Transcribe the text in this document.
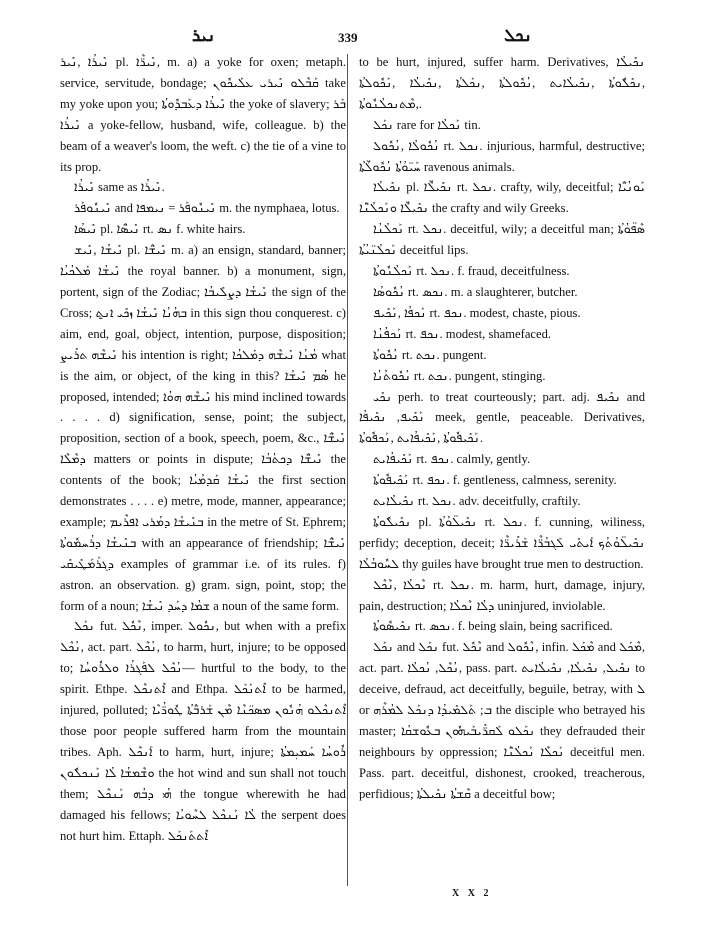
ܢܝܪ	339	ܢܟܠ

ܢܺܝܪܳܐ ,ܢܺܝܪ pl. ܢܺܝܪ̈ܶܐ, m. a) a yoke for oxen; metaph. service, servitude, bondage; ܩܰܒܶܠܘ ܢܺܝܪܝ ܥܠܰܝܟܽܘܢ take my yoke upon you; ܢܺܝܪܳܐ ܕܥܰܒܕܽܘܬܳܐ the yoke of slavery; ܒܰܪ ܢܺܝܪܳܐ a yoke-fellow, husband, wife, colleague. b) the beam of a weaver's loom, the weft. c) the tie of a vine to its prop.

ܢܺܝܪܳܐ same as ܢܺܝܪܳܐ.

ܢܺܝܢܽܘܦܰܪ and ܢܺܝܢܽܘܦܰܪ = ܢܝܡܦܐ m. the nymphaea, lotus.

ܢܺܝܣܳܐ pl. ܢܺܝܣ̈ܶܐ rt. ܢܣ f. white hairs.

ܢܺܝܫܳܐ ,ܢܺܝܫ pl. ܢܺܝܫ̈ܶܐ m. a) an ensign, standard, banner; ܢܺܝܫܳܐ ܡܰܠܟܳܝܳܐ the royal banner. b) a monument, sign, portent, sign of the Zodiac; ܢܺܝܫܳܐ ܕܨܠܺܝܒܳܐ the sign of the Cross; ܒܗܳܢܳܐ ܢܺܝܫܳܐ ܙܟܺܝ ܐܢ̱ܬ in this sign thou conquerest. c) aim, end, goal, object, intention, purpose, disposition; ܢܺܝܫܶܗ ܬܪܺܝܨ his intention is right; ܡܳܢܳܐ ܢܺܝܫܶܗ ܕܡܰܠܟܳܐ what is the aim, or object, of the king in this? ܣܳܡ ܢܺܝܫܳܐ he proposed, intended; ܢܺܝܫܶܗ ܗܘܳܐ his mind inclined towards . . . . d) signification, sense, point; the subject, proposition, section of a book, speech, poem, &c., ܢܺܝܫ̈ܶܐ ܕܡܶܠܶܐ matters or points in dispute; ܢܺܝܫ̈ܶܐ ܕܟܬܳܒܳܐ the contents of the book; ܢܺܝܫܳܐ ܩܰܕܡܳܝܳܐ the first section demonstrates . . . . e) metre, mode, manner, appearance; example; ܒܢܺܝܫܳܐ ܕܡܳܪܝ ܐܦܪܶܝܡ in the metre of St. Ephrem; ܒܢܺܝܫܳܐ ܕܪܳܚܡܽܘܬܳܐ with an appearance of friendship; ܢܺܝܫ̈ܶܐ ܕܓܪܰܡܰܛܺܝܩܺܝ examples of grammar i.e. of its rules. f) astron. an observation. g) gram. sign, point, stop; the form of a noun; ܫܡܳܐ ܕܚܰܕ ܢܺܝܫܳܐ a noun of the same form.

ܢܟܰܠ fut. ܢܶܟܽܠ, imper. ܢܟܽܘܠ, but when with a prefix ܢܳܟܶܠ, act. part. ܢܳܟܶܠ, to harm, hurt, injure; to be opposed to; ܢܳܟܶܠ ܠܦܰܓܪܳܐ ܘܠܪܽܘܚܳܐ— hurtful to the body, to the spirit. Ethpe. ܐܶܬܢܟܶܠ and Ethpa. ܐܶܬܢܰܟܰܠ to be harmed, injured, polluted; ܐܶܬܢܟܶܠܘ ܗܳܢܽܘܢ ܡܣܟ̈ܢܶܐ ܡܶܢ ܫܰܪܒ̈ܳܬܳܐ ܛܽܘܪ̈ܳܝܶܐ those poor people suffered harm from the mountain tribes. Aph. ܐܰܢܟܶܠ to harm, hurt, injure; ܪܽܘܚܳܐ ܚܰܡܝܼܡܬܳܐ ܘܫܶܡܫܳܐ ܠܳܐ ܢܰܢܟܠܽܘܢ the hot wind and sun shall not touch them; ܗܳܝ ܕܒܳܗ ܢܰܢܟܶܠ the tongue wherewith he had damaged his fellows; ܠܳܐ ܢܰܢܟܶܠ ܠܚܶܘܝܳܐ the serpent does not hurt him. Ettaph. ܐܶܬܬܰܢܟܰܠ

to be hurt, injured, suffer harm. Derivatives, ܢܟܺܝܠܳܐ ,ܢܟܺܠܽܘܬܳܐ ,ܢܟܺܝܠܳܐܝܬ ,ܢܳܟܽܘܠܬܳܐ ,ܢܟܰܠܬܳܐ ,ܢܟܺܝܠܳܐ ,ܢܰܟܽܘܠܬܳܐ ,ܡܶܬܢܟܠܳܢܽܘܬܳܐ.

ܢܟܰܠ rare for ܢܰܟܠܳܐ tin.

ܢܳܟܽܘܠܳܐ ,ܢܳܟܽܘܠ rt. ܢܟܠ. injurious, harmful, destructive; ܚܰܝ̈ܘܳܬܳܐ ܢܳܟܽܘܠ̈ܳܬܳܐ ravenous animals.

ܢܟܺܝܠܳܐ pl. ܢܟܺܝܠ̈ܶܐ rt. ܢܟܠ. crafty, wily, deceitful; ܝܰܘܢܳܝ̈ܶܐ ܢܟܺܝܠ̈ܶܐ ܘܢܰܟܠܳܢ̈ܶܐ the crafty and wily Greeks.

ܢܰܟܠܳܢܳܐ rt. ܢܟܠ. deceitful, wily; a deceitful man; ܣܶܦ̈ܘܳܬܳܐ ܢܰܟܠܳܢ̈ܝܳܬܳܐ deceitful lips.

ܢܰܟܠܳܢܽܘܬܳܐ rt. ܢܟܠ. f. fraud, deceitfulness.

ܢܳܟܽܘܣܳܐ rt. ܢܟܣ. m. a slaughterer, butcher.

ܢܰܟܦܳܐ ,ܢܰܟܺܝܦ rt. ܢܟܦ. modest, chaste, pious.

ܢܰܟܦܳܢܳܐ rt. ܢܟܦ. modest, shamefaced.

ܢܳܟܽܘܬܳܐ rt. ܢܟܬ. pungent.

ܢܳܟܽܘܬܳܢܳܐ rt. ܢܟܬ. pungent, stinging.

ܢܟܺܝ perh. to treat courteously; part. adj. ܢܟܺܝܦ and ܢܰܟܺܝܦ, ܢܟܺܝܦܳܐ meek, gentle, peaceable. Derivatives, ܢܰܟܺܝܦܽܘܬܳܐ ,ܢܰܟܺܝܦܳܐܝܬ ,ܢܰܟܦܽܘܬܳܐ.

ܢܰܟܺܝܦܳܐܝܬ rt. ܢܟܦ. calmly, gently.

ܢܰܟܺܝܦܽܘܬܳܐ rt. ܢܟܦ. f. gentleness, calmness, serenity.

ܢܟܺܝܠܳܐܝܬ rt. ܢܟܠ. adv. deceitfully, craftily.

ܢܟܺܝܠܽܘܬܳܐ pl. ܢܟܺܝܠ̈ܘܳܬܳܐ rt. ܢܟܠ. f. cunning, wiliness, perfidy; deception, deceit; ܢܟܺܝܠ̈ܘܳܬܳܟ ܐܰܝܬܺܝ ܠܰܓܒܳܪ̈ܶܐ ܫܰܪܺܝܪ̈ܶܐ ܠܚܽܘܒܳܠܳܐ thy guiles have brought true men to destruction.

ܢܶܟܠܳܐ ,ܢܶܟܶܠ rt. ܢܟܠ. m. harm, hurt, damage, injury, pain, destruction; ܕܠܳܐ ܢܶܟܠܳܐ uninjured, inviolable.

ܢܟܺܝܣܽܘܬܳܐ rt. ܢܟܣ. f. being slain, being sacrificed.

ܢܟܰܠ and ܢܟܰܠ fut. ܢܶܟܽܠ and ܢܶܟܽܘܠ, infin. ܡܶܟܰܠ and ܡܶܟܰܠ, act. part. ܢܳܟܶܠ, ܢܳܟܠܳܐ, pass. part. ܢܟܺܝܠ, ܢܟܺܝܠܳܐ, ܢܟܺܝܠܳܐܝܬ to deceive, defraud, act deceitfully, beguile, betray, with ܠ or ܒ; ܬܰܠܡܺܝܕܳܐ ܕܢܟܰܠ ܠܡܳܪܶܗ the disciple who betrayed his master; ܢܟܰܠܘ ܠܰܩܪ̈ܺܝܒܰܝܗܽܘܢ ܒܥܽܘܫܩܳܐ they defrauded their neighbours by oppression; ܢܰܟܠܶܐ ܢܰܟܠܳܢ̈ܶܐ deceitful men. Pass. part. deceitful, dishonest, crooked, treacherous, perfidious; ܩܶܫܬܳܐ ܢܟܺܝܠܬܳܐ a deceitful bow;

X X 2
